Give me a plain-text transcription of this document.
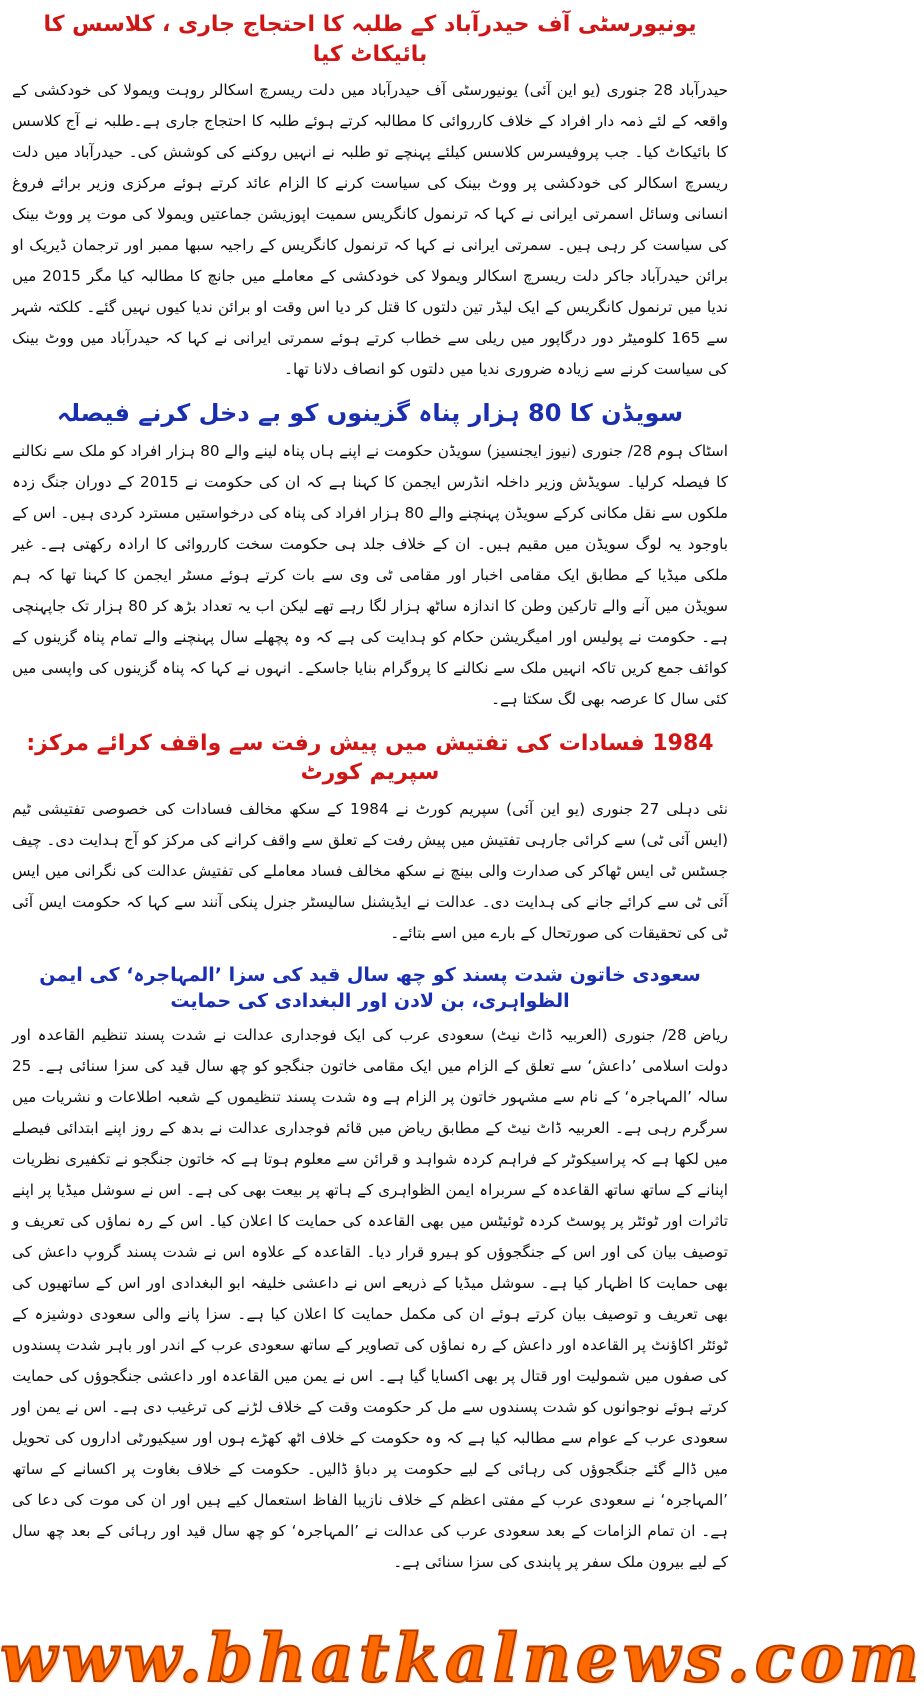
یونیورسٹی آف حیدرآباد کے طلبہ کا احتجاج جاری ، کلاسس کا بائیکاٹ کیا

حیدرآباد 28 جنوری (یو این آئی) یونیورسٹی آف حیدرآباد میں دلت ریسرچ اسکالر روہت ویمولا کی خودکشی کے واقعہ کے لئے ذمہ دار افراد کے خلاف کارروائی کا مطالبہ کرتے ہوئے طلبہ کا احتجاج جاری ہے۔طلبہ نے آج کلاسس کا بائیکاٹ کیا۔ جب پروفیسرس کلاسس کیلئے پہنچے تو طلبہ نے انہیں روکنے کی کوشش کی۔ حیدرآباد میں دلت ریسرچ اسکالر کی خودکشی پر ووٹ بینک کی سیاست کرنے کا الزام عائد کرتے ہوئے مرکزی وزیر برائے فروغ انسانی وسائل اسمرتی ایرانی نے کہا کہ ترنمول کانگریس سمیت اپوزیشن جماعتیں ویمولا کی موت پر ووٹ بینک کی سیاست کر رہی ہیں۔ سمرتی ایرانی نے کہا کہ ترنمول کانگریس کے راجیہ سبھا ممبر اور ترجمان ڈیریک او برائن حیدرآباد جاکر دلت ریسرچ اسکالر ویمولا کی خودکشی کے معاملے میں جانچ کا مطالبہ کیا مگر 2015 میں ندیا میں ترنمول کانگریس کے ایک لیڈر تین دلتوں کا قتل کر دیا اس وقت او برائن ندیا کیوں نہیں گئے۔ کلکتہ شہر سے 165 کلومیٹر دور درگاپور میں ریلی سے خطاب کرتے ہوئے سمرتی ایرانی نے کہا کہ حیدرآباد میں ووٹ بینک کی سیاست کرنے سے زیادہ ضروری ندیا میں دلتوں کو انصاف دلانا تھا۔

سویڈن کا 80 ہزار پناہ گزینوں کو بے دخل کرنے فیصلہ

اسٹاک ہوم 28/ جنوری (نیوز ایجنسیز) سویڈن حکومت نے اپنے ہاں پناہ لینے والے 80 ہزار افراد کو ملک سے نکالنے کا فیصلہ کرلیا۔ سویڈش وزیر داخلہ انڈرس ایجمن کا کہنا ہے کہ ان کی حکومت نے 2015 کے دوران جنگ زدہ ملکوں سے نقل مکانی کرکے سویڈن پہنچنے والے 80 ہزار افراد کی پناہ کی درخواستیں مسترد کردی ہیں۔ اس کے باوجود یہ لوگ سویڈن میں مقیم ہیں۔ ان کے خلاف جلد ہی حکومت سخت کارروائی کا ارادہ رکھتی ہے۔ غیر ملکی میڈیا کے مطابق ایک مقامی اخبار اور مقامی ٹی وی سے بات کرتے ہوئے مسٹر ایجمن کا کہنا تھا کہ ہم سویڈن میں آنے والے تارکین وطن کا اندازہ ساٹھ ہزار لگا رہے تھے لیکن اب یہ تعداد بڑھ کر 80 ہزار تک جاپہنچی ہے۔ حکومت نے پولیس اور امیگریشن حکام کو ہدایت کی ہے کہ وہ پچھلے سال پہنچنے والے تمام پناہ گزینوں کے کوائف جمع کریں تاکہ انہیں ملک سے نکالنے کا پروگرام بنایا جاسکے۔ انہوں نے کہا کہ پناہ گزینوں کی واپسی میں کئی سال کا عرصہ بھی لگ سکتا ہے۔

1984 فسادات کی تفتیش میں پیش رفت سے واقف کرائے مرکز: سپریم کورٹ

نئی دہلی 27 جنوری (یو این آئی) سپریم کورٹ نے 1984 کے سکھ مخالف فسادات کی خصوصی تفتیشی ٹیم (ایس آئی ٹی) سے کرائی جارہی تفتیش میں پیش رفت کے تعلق سے واقف کرانے کی مرکز کو آج ہدایت دی۔ چیف جسٹس ٹی ایس ٹھاکر کی صدارت والی بینچ نے سکھ مخالف فساد معاملے کی تفتیش عدالت کی نگرانی میں ایس آئی ٹی سے کرائے جانے کی ہدایت دی۔ عدالت نے ایڈیشنل سالیسٹر جنرل پنکی آنند سے کہا کہ حکومت ایس آئی ٹی کی تحقیقات کی صورتحال کے بارے میں اسے بتائے۔

سعودی خاتون شدت پسند کو چھ سال قید کی سزا ’المہاجرہ‘ کی ایمن الظواہری، بن لادن اور البغدادی کی حمایت

ریاض 28/ جنوری (العربیہ ڈاٹ نیٹ) سعودی عرب کی ایک فوجداری عدالت نے شدت پسند تنظیم القاعدہ اور دولت اسلامی ’داعش‘ سے تعلق کے الزام میں ایک مقامی خاتون جنگجو کو چھ سال قید کی سزا سنائی ہے۔ 25 سالہ ’المہاجرہ‘ کے نام سے مشہور خاتون پر الزام ہے وہ شدت پسند تنظیموں کے شعبہ اطلاعات و نشریات میں سرگرم رہی ہے۔ العربیہ ڈاٹ نیٹ کے مطابق ریاض میں قائم فوجداری عدالت نے بدھ کے روز اپنے ابتدائی فیصلے میں لکھا ہے کہ پراسیکوٹر کے فراہم کردہ شواہد و قرائن سے معلوم ہوتا ہے کہ خاتون جنگجو نے تکفیری نظریات اپنانے کے ساتھ ساتھ القاعدہ کے سربراہ ایمن الظواہری کے ہاتھ پر بیعت بھی کی ہے۔ اس نے سوشل میڈیا پر اپنے تاثرات اور ٹوئٹر پر پوسٹ کردہ ٹوئیٹس میں بھی القاعدہ کی حمایت کا اعلان کیا۔ اس کے رہ نماؤں کی تعریف و توصیف بیان کی اور اس کے جنگجوؤں کو ہیرو قرار دیا۔ القاعدہ کے علاوہ اس نے شدت پسند گروپ داعش کی بھی حمایت کا اظہار کیا ہے۔ سوشل میڈیا کے ذریعے اس نے داعشی خلیفہ ابو البغدادی اور اس کے ساتھیوں کی بھی تعریف و توصیف بیان کرتے ہوئے ان کی مکمل حمایت کا اعلان کیا ہے۔ سزا پانے والی سعودی دوشیزہ کے ٹوئٹر اکاؤنٹ پر القاعدہ اور داعش کے رہ نماؤں کی تصاویر کے ساتھ سعودی عرب کے اندر اور باہر شدت پسندوں کی صفوں میں شمولیت اور قتال پر بھی اکسایا گیا ہے۔ اس نے یمن میں القاعدہ اور داعشی جنگجوؤں کی حمایت کرتے ہوئے نوجوانوں کو شدت پسندوں سے مل کر حکومت وقت کے خلاف لڑنے کی ترغیب دی ہے۔ اس نے یمن اور سعودی عرب کے عوام سے مطالبہ کیا ہے کہ وہ حکومت کے خلاف اٹھ کھڑے ہوں اور سیکیورٹی اداروں کی تحویل میں ڈالے گئے جنگجوؤں کی رہائی کے لیے حکومت پر دباؤ ڈالیں۔ حکومت کے خلاف بغاوت پر اکسانے کے ساتھ ’المہاجرہ‘ نے سعودی عرب کے مفتی اعظم کے خلاف نازیبا الفاظ استعمال کیے ہیں اور ان کی موت کی دعا کی ہے۔ ان تمام الزامات کے بعد سعودی عرب کی عدالت نے ’المہاجرہ‘ کو چھ سال قید اور رہائی کے بعد چھ سال کے لیے بیرون ملک سفر پر پابندی کی سزا سنائی ہے۔

www.bhatkalnews.com
